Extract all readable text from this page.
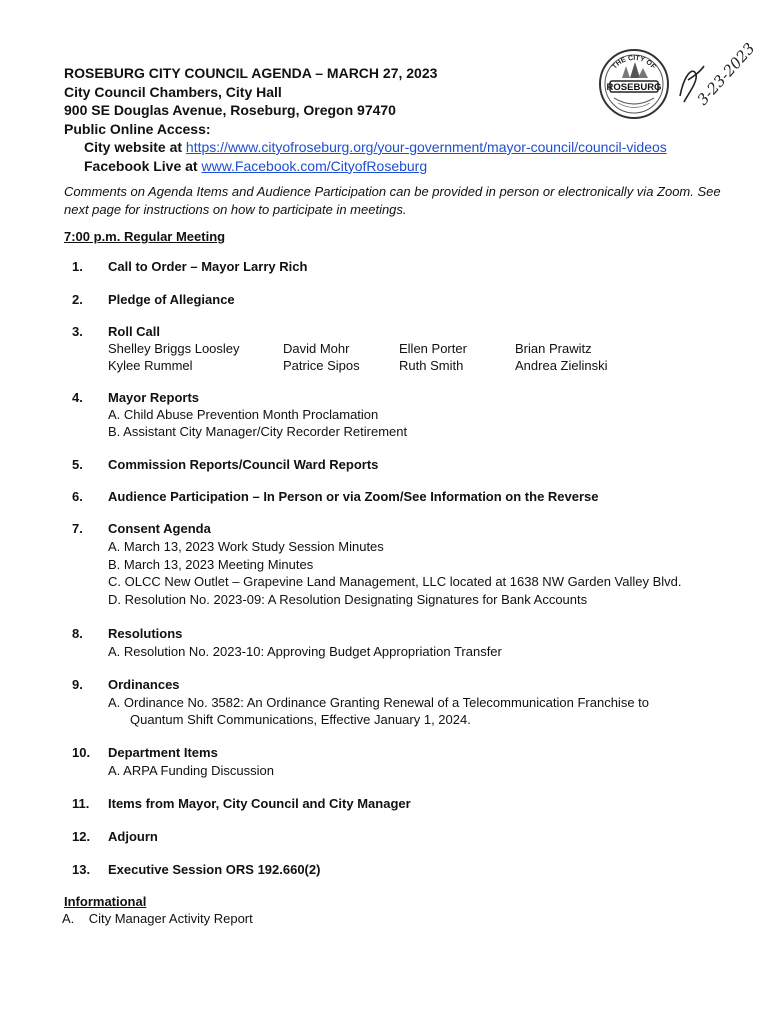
ROSEBURG CITY COUNCIL AGENDA – MARCH 27, 2023
City Council Chambers, City Hall
900 SE Douglas Avenue, Roseburg, Oregon 97470
Public Online Access:
City website at https://www.cityofroseburg.org/your-government/mayor-council/council-videos
Facebook Live at www.Facebook.com/CityofRoseburg
THE CITY OF
ROSEBURG 3-23-2023
Comments on Agenda Items and Audience Participation can be provided in person or electronically via Zoom. See next page for instructions on how to participate in meetings.
7:00 p.m. Regular Meeting
1. Call to Order – Mayor Larry Rich
2. Pledge of Allegiance
3. Roll Call
Shelley Briggs Loosley	David Mohr	Ellen Porter	Brian Prawitz
Kylee Rummel	Patrice Sipos	Ruth Smith	Andrea Zielinski
4. Mayor Reports
A. Child Abuse Prevention Month Proclamation
B. Assistant City Manager/City Recorder Retirement
5. Commission Reports/Council Ward Reports
6. Audience Participation – In Person or via Zoom/See Information on the Reverse
7. Consent Agenda
A. March 13, 2023 Work Study Session Minutes
B. March 13, 2023 Meeting Minutes
C. OLCC New Outlet – Grapevine Land Management, LLC located at 1638 NW Garden Valley Blvd.
D. Resolution No. 2023-09: A Resolution Designating Signatures for Bank Accounts
8. Resolutions
A. Resolution No. 2023-10: Approving Budget Appropriation Transfer
9. Ordinances
A. Ordinance No. 3582: An Ordinance Granting Renewal of a Telecommunication Franchise to
Quantum Shift Communications, Effective January 1, 2024.
10. Department Items
A. ARPA Funding Discussion
11. Items from Mayor, City Council and City Manager
12. Adjourn
13. Executive Session ORS 192.660(2)
Informational
A.    City Manager Activity Report
